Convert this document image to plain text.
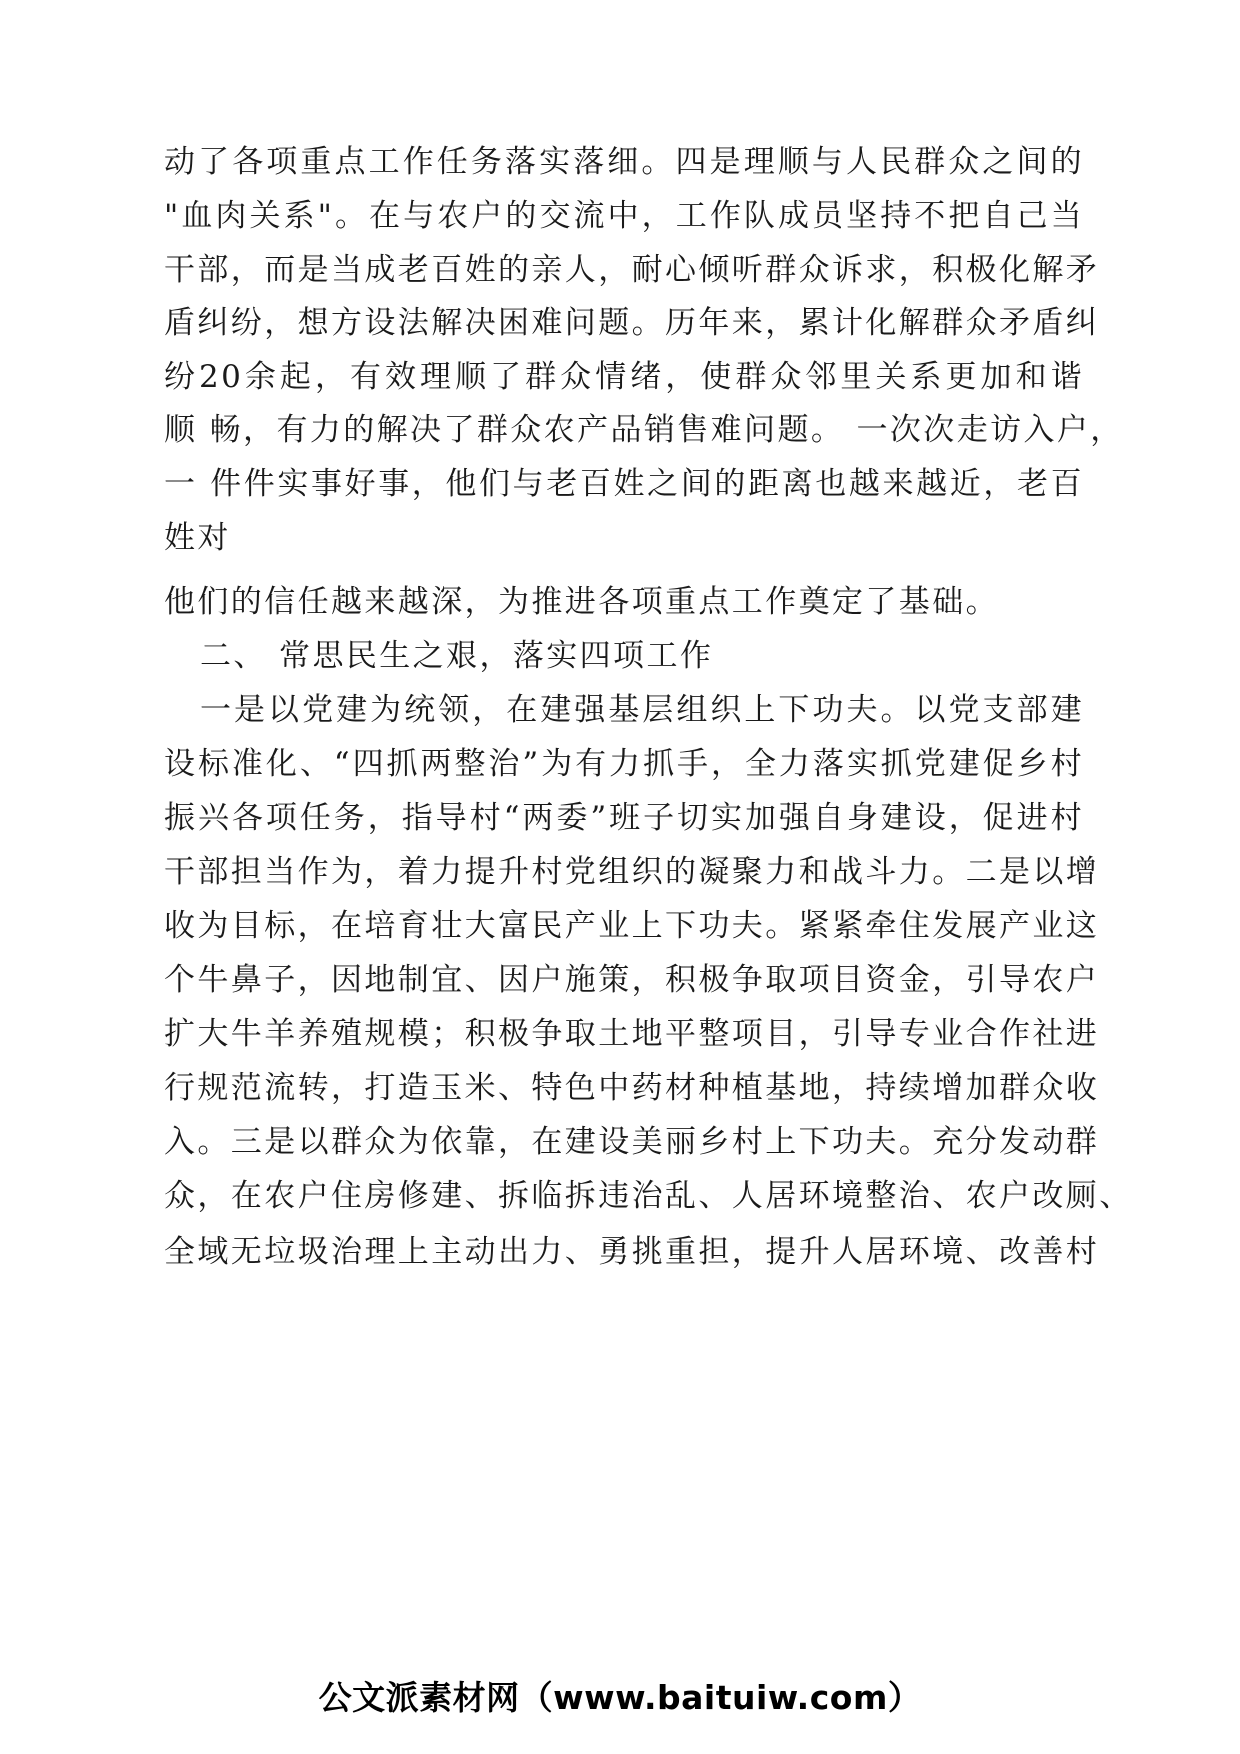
动了各项重点工作任务落实落细。四是理顺与人民群众之间的
"血肉关系"。在与农户的交流中，工作队成员坚持不把自己当
干部，而是当成老百姓的亲人，耐心倾听群众诉求，积极化解矛
盾纠纷，想方设法解决困难问题。历年来，累计化解群众矛盾纠
纷20余起，有效理顺了群众情绪，使群众邻里关系更加和谐
顺 畅，有力的解决了群众农产品销售难问题。 一次次走访入户，
一 件件实事好事，他们与老百姓之间的距离也越来越近，老百
姓对
他们的信任越来越深，为推进各项重点工作奠定了基础。
二、 常思民生之艰，落实四项工作
一是以党建为统领，在建强基层组织上下功夫。以党支部建
设标准化、“四抓两整治”为有力抓手，全力落实抓党建促乡村
振兴各项任务，指导村“两委”班子切实加强自身建设，促进村
干部担当作为，着力提升村党组织的凝聚力和战斗力。二是以增
收为目标，在培育壮大富民产业上下功夫。紧紧牵住发展产业这
个牛鼻子，因地制宜、因户施策，积极争取项目资金，引导农户
扩大牛羊养殖规模；积极争取土地平整项目，引导专业合作社进
行规范流转，打造玉米、特色中药材种植基地，持续增加群众收
入。三是以群众为依靠，在建设美丽乡村上下功夫。充分发动群
众，在农户住房修建、拆临拆违治乱、人居环境整治、农户改厕、
全域无垃圾治理上主动出力、勇挑重担，提升人居环境、改善村
公文派素材网（www.baituiw.com）
